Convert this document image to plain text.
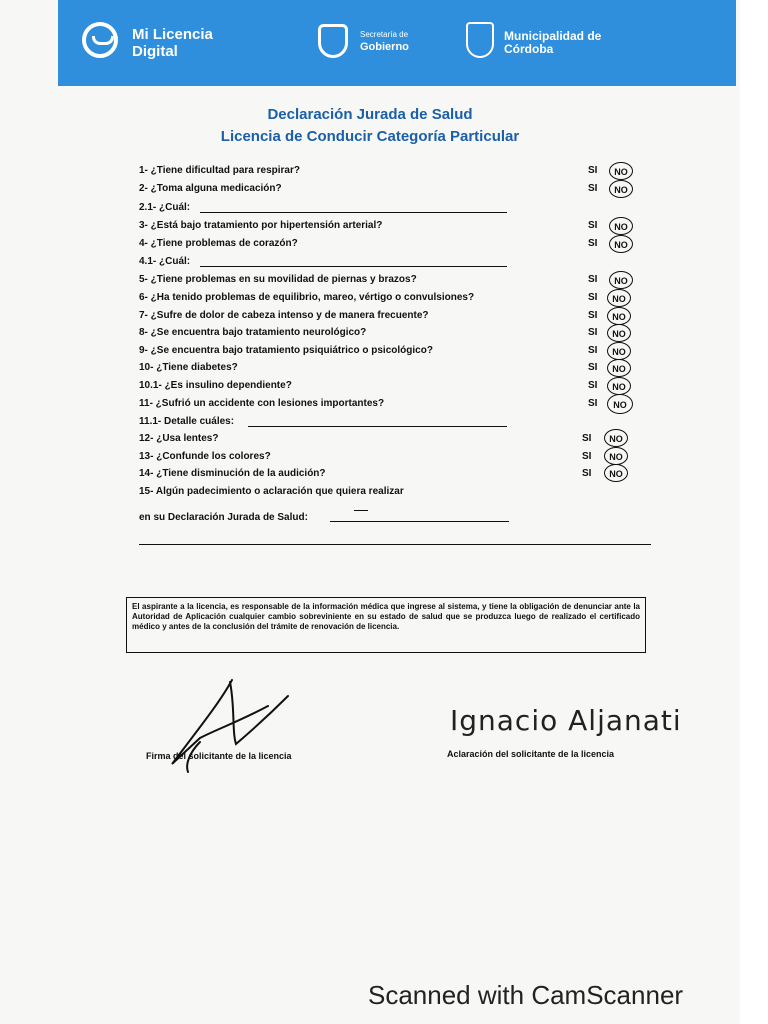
Mi Licencia Digital
Secretaría de
Gobierno
Municipalidad de Córdoba
Declaración Jurada de Salud
Licencia de Conducir Categoría Particular
1- ¿Tiene dificultad para respirar?	SI	NO
2- ¿Toma alguna medicación?	SI	NO
2.1- ¿Cuál:
3- ¿Está bajo tratamiento por hipertensión arterial?	SI	NO
4- ¿Tiene problemas de corazón?	SI	NO
4.1- ¿Cuál:
5- ¿Tiene problemas en su movilidad de piernas y brazos?	SI	NO
6- ¿Ha tenido problemas de equilibrio, mareo, vértigo o convulsiones?	SI	NO
7- ¿Sufre de dolor de cabeza intenso y de manera frecuente?	SI	NO
8- ¿Se encuentra bajo tratamiento neurológico?	SI	NO
9- ¿Se encuentra bajo tratamiento psiquiátrico o psicológico?	SI	NO
10- ¿Tiene diabetes?	SI	NO
10.1- ¿Es insulino dependiente?	SI	NO
11- ¿Sufrió un accidente con lesiones importantes?	SI	NO
11.1- Detalle cuáles:
12- ¿Usa lentes?	SI	NO
13- ¿Confunde los colores?	SI	NO
14- ¿Tiene disminución de la audición?	SI	NO
15- Algún padecimiento o aclaración que quiera realizar
en su Declaración Jurada de Salud:
El aspirante a la licencia, es responsable de la información médica que ingrese al sistema, y tiene la obligación de denunciar ante la Autoridad de Aplicación cualquier cambio sobreviniente en su estado de salud que se produzca luego de realizado el certificado médico y antes de la conclusión del trámite de renovación de licencia.
Firma del solicitante de la licencia
Ignacio Aljanati
Aclaración del solicitante de la licencia
Scanned with CamScanner
